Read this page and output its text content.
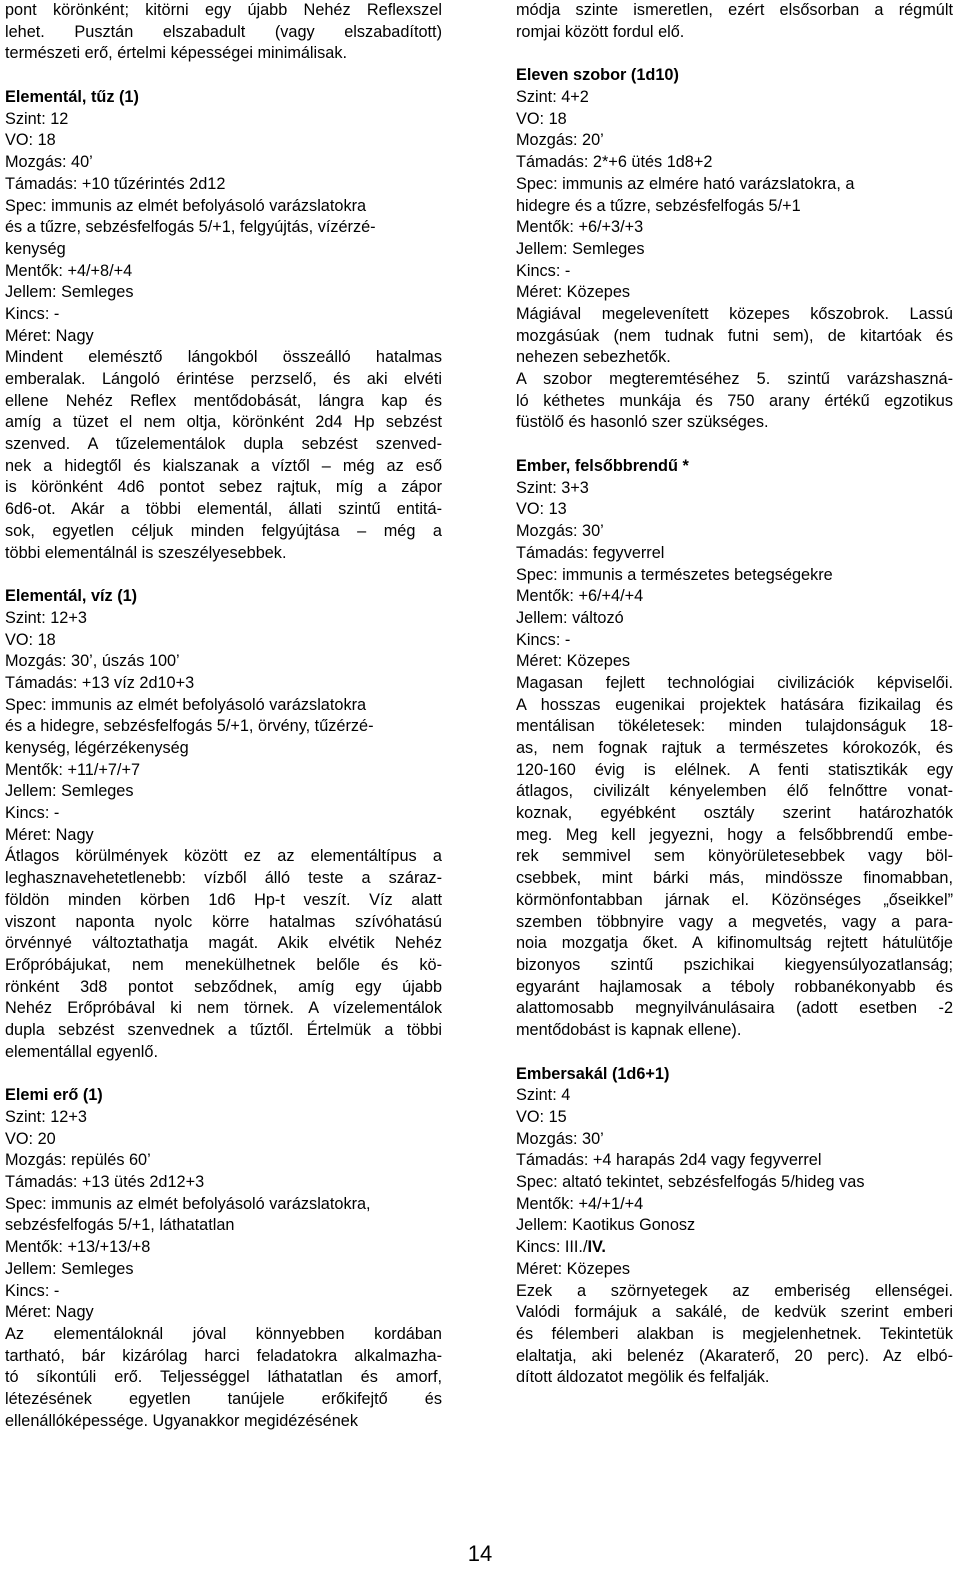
pont körönként; kitörni egy újabb Nehéz Reflexszel
lehet. Pusztán elszabadult (vagy elszabadított)
természeti erő, értelmi képességei minimálisak.
Elementál, tűz (1)
Szint: 12
VO: 18
Mozgás: 40’
Támadás: +10 tűzérintés 2d12
Spec: immunis az elmét befolyásoló varázslatokra
és a tűzre, sebzésfelfogás 5/+1, felgyújtás, vízérzé-
kenység
Mentők: +4/+8/+4
Jellem: Semleges
Kincs: -
Méret: Nagy
Mindent elemésztő lángokból összeálló hatalmas
emberalak. Lángoló érintése perzselő, és aki elvéti
ellene Nehéz Reflex mentődobását, lángra kap és
amíg a tüzet el nem oltja, körönként 2d4 Hp sebzést
szenved. A tűzelementálok dupla sebzést szenved-
nek a hidegtől és kialszanak a víztől – még az eső
is körönként 4d6 pontot sebez rajtuk, míg a zápor
6d6-ot. Akár a többi elementál, állati szintű entitá-
sok, egyetlen céljuk minden felgyújtása – még a
többi elementálnál is szeszélyesebbek.
Elementál, víz (1)
Szint: 12+3
VO: 18
Mozgás: 30’, úszás 100’
Támadás: +13 víz 2d10+3
Spec: immunis az elmét befolyásoló varázslatokra
és a hidegre, sebzésfelfogás 5/+1, örvény, tűzérzé-
kenység, légérzékenység
Mentők: +11/+7/+7
Jellem: Semleges
Kincs: -
Méret: Nagy
Átlagos körülmények között ez az elementáltípus a
leghasznavehetetlenebb: vízből álló teste a száraz-
földön minden körben 1d6 Hp-t veszít. Víz alatt
viszont naponta nyolc körre hatalmas szívóhatású
örvénnyé változtathatja magát. Akik elvétik Nehéz
Erőpróbájukat, nem menekülhetnek belőle és kö-
rönként 3d8 pontot sebződnek, amíg egy újabb
Nehéz Erőpróbával ki nem törnek. A vízelementálok
dupla sebzést szenvednek a tűztől. Értelmük a többi
elementállal egyenlő.
Elemi erő (1)
Szint: 12+3
VO: 20
Mozgás: repülés 60’
Támadás: +13 ütés 2d12+3
Spec: immunis az elmét befolyásoló varázslatokra,
sebzésfelfogás 5/+1, láthatatlan
Mentők: +13/+13/+8
Jellem: Semleges
Kincs: -
Méret: Nagy
Az elementáloknál jóval könnyebben kordában
tartható, bár kizárólag harci feladatokra alkalmazha-
tó síkontúli erő. Teljességgel láthatatlan és amorf,
létezésének egyetlen tanújele erőkifejtő és
ellenállóképessége. Ugyanakkor megidézésének
módja szinte ismeretlen, ezért elsősorban a régmúlt
romjai között fordul elő.
Eleven szobor (1d10)
Szint: 4+2
VO: 18
Mozgás: 20’
Támadás: 2*+6 ütés 1d8+2
Spec: immunis az elmére ható varázslatokra, a
hidegre és a tűzre, sebzésfelfogás 5/+1
Mentők: +6/+3/+3
Jellem: Semleges
Kincs: -
Méret: Közepes
Mágiával megelevenített közepes kőszobrok. Lassú
mozgásúak (nem tudnak futni sem), de kitartóak és
nehezen sebezhetők.
A szobor megteremtéséhez 5. szintű varázshaszná-
ló kéthetes munkája és 750 arany értékű egzotikus
füstölő és hasonló szer szükséges.
Ember, felsőbbrendű *
Szint: 3+3
VO: 13
Mozgás: 30’
Támadás: fegyverrel
Spec: immunis a természetes betegségekre
Mentők: +6/+4/+4
Jellem: változó
Kincs: -
Méret: Közepes
Magasan fejlett technológiai civilizációk képviselői.
A hosszas eugenikai projektek hatására fizikailag és
mentálisan tökéletesek: minden tulajdonságuk 18-
as, nem fognak rajtuk a természetes kórokozók, és
120-160 évig is elélnek. A fenti statisztikák egy
átlagos, civilizált kényelemben élő felnőttre vonat-
koznak, egyébként osztály szerint határozhatók
meg. Meg kell jegyezni, hogy a felsőbbrendű embe-
rek semmivel sem könyörületesebbek vagy böl-
csebbek, mint bárki más, mindössze finomabban,
körmönfontabban járnak el. Közönséges „őseikkel”
szemben többnyire vagy a megvetés, vagy a para-
noia mozgatja őket. A kifinomultság rejtett hátulütője
bizonyos szintű pszichikai kiegyensúlyozatlanság;
egyaránt hajlamosak a téboly robbanékonyabb és
alattomosabb megnyilvánulásaira (adott esetben -2
mentődobást is kapnak ellene).
Embersakál (1d6+1)
Szint: 4
VO: 15
Mozgás: 30’
Támadás: +4 harapás 2d4 vagy fegyverrel
Spec: altató tekintet, sebzésfelfogás 5/hideg vas
Mentők: +4/+1/+4
Jellem: Kaotikus Gonosz
Kincs: III./IV.
Méret: Közepes
Ezek a szörnyetegek az emberiség ellenségei.
Valódi formájuk a sakálé, de kedvük szerint emberi
és félemberi alakban is megjelenhetnek. Tekintetük
elaltatja, aki belenéz (Akaraterő, 20 perc). Az elbó-
dított áldozatot megölik és felfalják.
14
